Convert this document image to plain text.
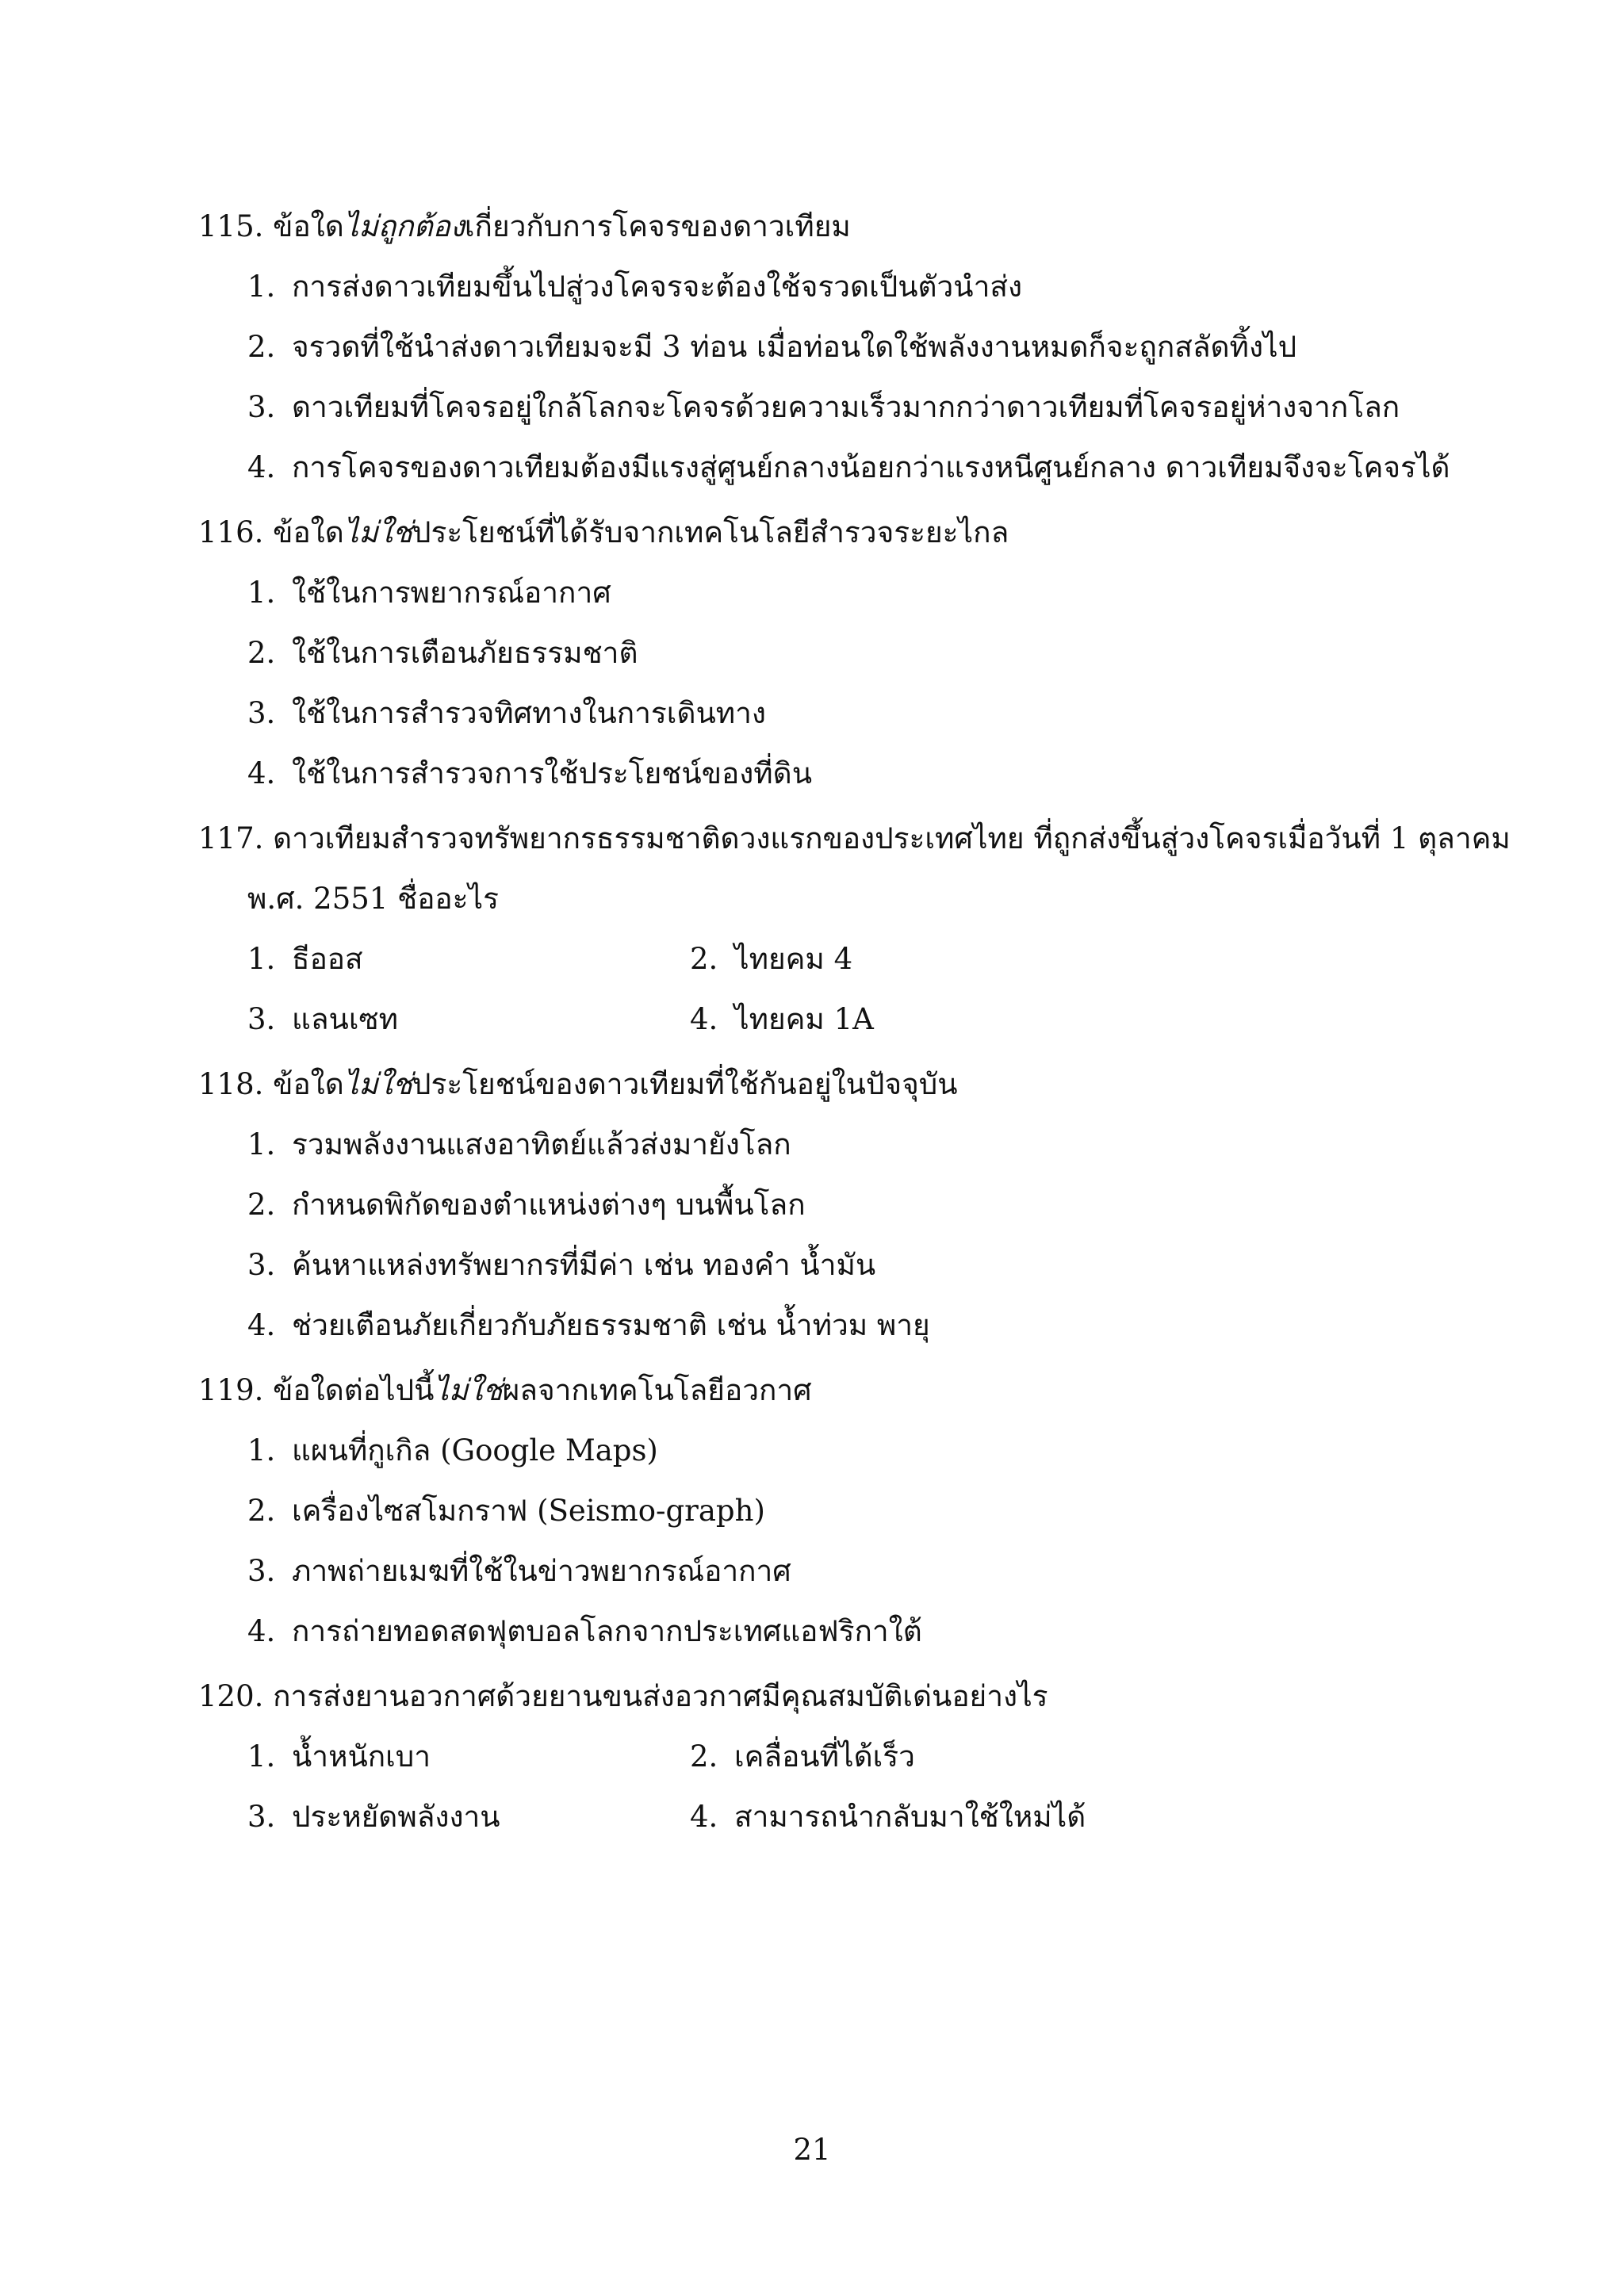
115. ข้อใดไม่ถูกต้องเกี่ยวกับการโคจรของดาวเทียม
1. การส่งดาวเทียมขึ้นไปสู่วงโคจรจะต้องใช้จรวดเป็นตัวนำส่ง
2. จรวดที่ใช้นำส่งดาวเทียมจะมี 3 ท่อน เมื่อท่อนใดใช้พลังงานหมดก็จะถูกสลัดทิ้งไป
3. ดาวเทียมที่โคจรอยู่ใกล้โลกจะโคจรด้วยความเร็วมากกว่าดาวเทียมที่โคจรอยู่ห่างจากโลก
4. การโคจรของดาวเทียมต้องมีแรงสู่ศูนย์กลางน้อยกว่าแรงหนีศูนย์กลาง ดาวเทียมจึงจะโคจรได้
116. ข้อใดไม่ใช่ประโยชน์ที่ได้รับจากเทคโนโลยีสำรวจระยะไกล
1. ใช้ในการพยากรณ์อากาศ
2. ใช้ในการเตือนภัยธรรมชาติ
3. ใช้ในการสำรวจทิศทางในการเดินทาง
4. ใช้ในการสำรวจการใช้ประโยชน์ของที่ดิน
117. ดาวเทียมสำรวจทรัพยากรธรรมชาติดวงแรกของประเทศไทย ที่ถูกส่งขึ้นสู่วงโคจรเมื่อวันที่ 1 ตุลาคม
พ.ศ. 2551 ชื่ออะไร
1. ธีออส	2. ไทยคม 4
3. แลนเซท	4. ไทยคม 1A
118. ข้อใดไม่ใช่ประโยชน์ของดาวเทียมที่ใช้กันอยู่ในปัจจุบัน
1. รวมพลังงานแสงอาทิตย์แล้วส่งมายังโลก
2. กำหนดพิกัดของตำแหน่งต่างๆ บนพื้นโลก
3. ค้นหาแหล่งทรัพยากรที่มีค่า เช่น ทองคำ น้ำมัน
4. ช่วยเตือนภัยเกี่ยวกับภัยธรรมชาติ เช่น น้ำท่วม พายุ
119. ข้อใดต่อไปนี้ไม่ใช่ผลจากเทคโนโลยีอวกาศ
1. แผนที่กูเกิล (Google Maps)
2. เครื่องไซสโมกราฟ (Seismo-graph)
3. ภาพถ่ายเมฆที่ใช้ในข่าวพยากรณ์อากาศ
4. การถ่ายทอดสดฟุตบอลโลกจากประเทศแอฟริกาใต้
120. การส่งยานอวกาศด้วยยานขนส่งอวกาศมีคุณสมบัติเด่นอย่างไร
1. น้ำหนักเบา	2. เคลื่อนที่ได้เร็ว
3. ประหยัดพลังงาน	4. สามารถนำกลับมาใช้ใหม่ได้
21
